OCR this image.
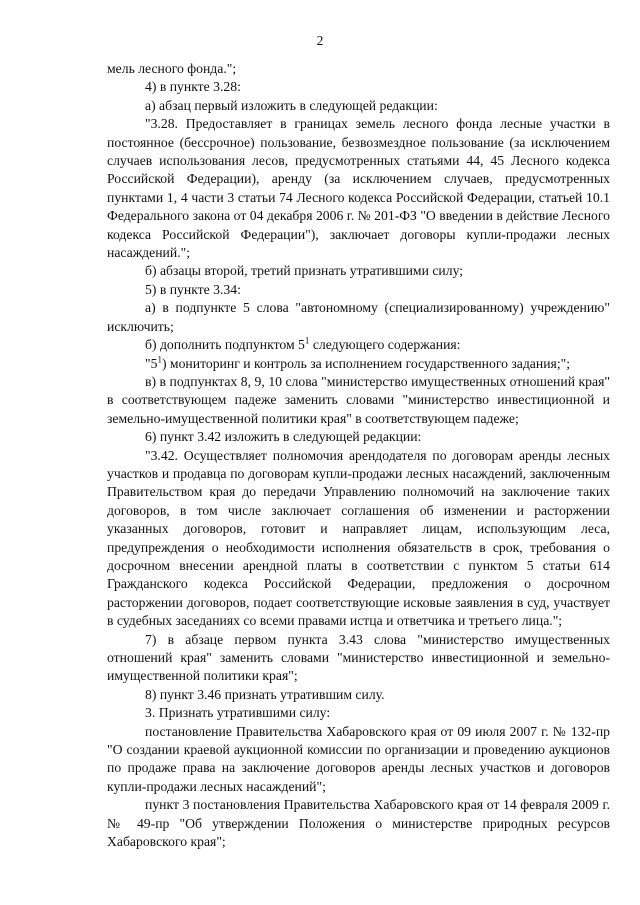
2

мель лесного фонда.";

4) в пункте 3.28:

а) абзац первый изложить в следующей редакции:

"3.28. Предоставляет в границах земель лесного фонда лесные участки в постоянное (бессрочное) пользование, безвозмездное пользование (за исключением случаев использования лесов, предусмотренных статьями 44, 45 Лесного кодекса Российской Федерации), аренду (за исключением случаев, предусмотренных пунктами 1, 4 части 3 статьи 74 Лесного кодекса Российской Федерации, статьей 10.1 Федерального закона от 04 декабря 2006 г. № 201-ФЗ "О введении в действие Лесного кодекса Российской Федерации"), заключает договоры купли-продажи лесных насаждений.";

б) абзацы второй, третий признать утратившими силу;

5) в пункте 3.34:

а) в подпункте 5 слова "автономному (специализированному) учреждению" исключить;

б) дополнить подпунктом $5^1$ следующего содержания:

"$5^1$) мониторинг и контроль за исполнением государственного задания;";

в) в подпунктах 8, 9, 10 слова "министерство имущественных отношений края" в соответствующем падеже заменить словами "министерство инвестиционной и земельно-имущественной политики края" в соответствующем падеже;

6) пункт 3.42 изложить в следующей редакции:

"3.42. Осуществляет полномочия арендодателя по договорам аренды лесных участков и продавца по договорам купли-продажи лесных насаждений, заключенным Правительством края до передачи Управлению полномочий на заключение таких договоров, в том числе заключает соглашения об изменении и расторжении указанных договоров, готовит и направляет лицам, использующим леса, предупреждения о необходимости исполнения обязательств в срок, требования о досрочном внесении арендной платы в соответствии с пунктом 5 статьи 614 Гражданского кодекса Российской Федерации, предложения о досрочном расторжении договоров, подает соответствующие исковые заявления в суд, участвует в судебных заседаниях со всеми правами истца и ответчика и третьего лица.";

7) в абзаце первом пункта 3.43 слова "министерство имущественных отношений края" заменить словами "министерство инвестиционной и земельно-имущественной политики края";

8) пункт 3.46 признать утратившим силу.

3. Признать утратившими силу:

постановление Правительства Хабаровского края от 09 июля 2007 г. № 132-пр "О создании краевой аукционной комиссии по организации и проведению аукционов по продаже права на заключение договоров аренды лесных участков и договоров купли-продажи лесных насаждений";

пункт 3 постановления Правительства Хабаровского края от 14 февраля 2009 г. № 49-пр "Об утверждении Положения о министерстве природных ресурсов Хабаровского края";
